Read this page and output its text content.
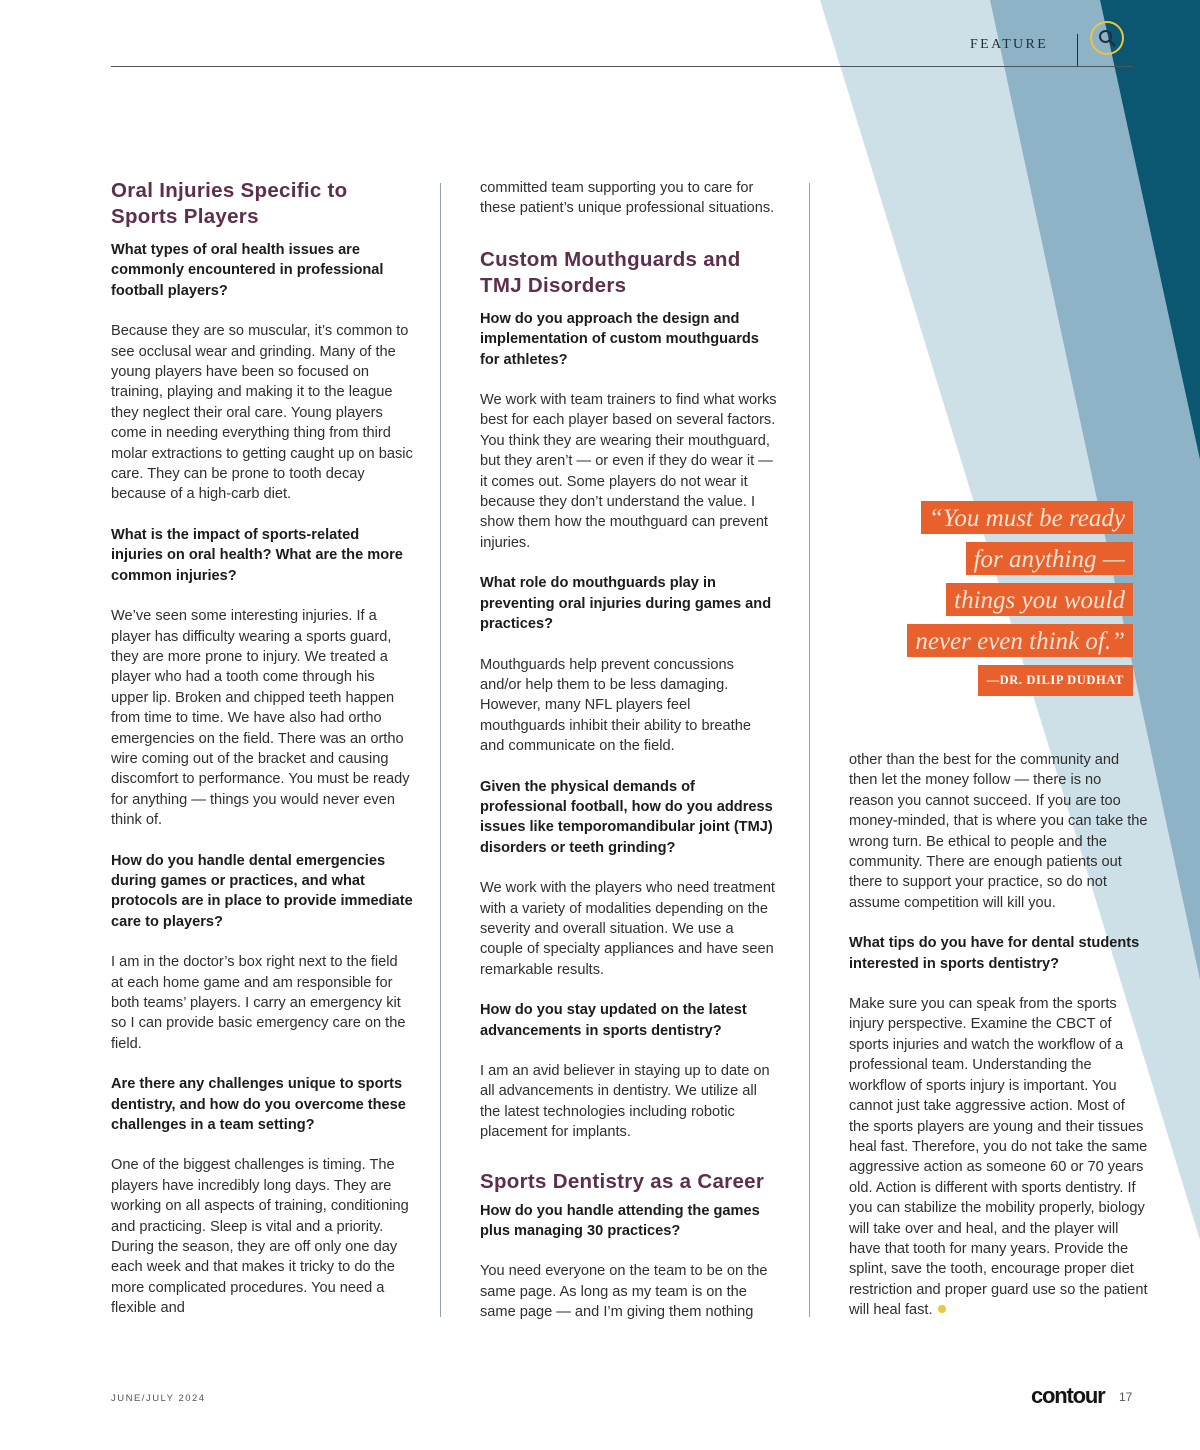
FEATURE
Oral Injuries Specific to Sports Players

What types of oral health issues are commonly encountered in professional football players?

Because they are so muscular, it’s common to see occlusal wear and grinding. Many of the young players have been so focused on training, playing and making it to the league they neglect their oral care. Young players come in needing everything thing from third molar extractions to getting caught up on basic care. They can be prone to tooth decay because of a high-carb diet.

What is the impact of sports-related injuries on oral health? What are the more common injuries?

We’ve seen some interesting injuries. If a player has difficulty wearing a sports guard, they are more prone to injury. We treated a player who had a tooth come through his upper lip. Broken and chipped teeth happen from time to time. We have also had ortho emergencies on the field. There was an ortho wire coming out of the bracket and causing discomfort to performance. You must be ready for anything — things you would never even think of.

How do you handle dental emergencies during games or practices, and what protocols are in place to provide immediate care to players?

I am in the doctor’s box right next to the field at each home game and am responsible for both teams’ players. I carry an emergency kit so I can provide basic emergency care on the field.

Are there any challenges unique to sports dentistry, and how do you overcome these challenges in a team setting?

One of the biggest challenges is timing. The players have incredibly long days. They are working on all aspects of training, conditioning and practicing. Sleep is vital and a priority. During the season, they are off only one day each week and that makes it tricky to do the more complicated procedures. You need a flexible and

committed team supporting you to care for these patient’s unique professional situations.

Custom Mouthguards and TMJ Disorders

How do you approach the design and implementation of custom mouthguards for athletes?

We work with team trainers to find what works best for each player based on several factors. You think they are wearing their mouthguard, but they aren’t — or even if they do wear it — it comes out. Some players do not wear it because they don’t understand the value. I show them how the mouthguard can prevent injuries.

What role do mouthguards play in preventing oral injuries during games and practices?

Mouthguards help prevent concussions and/or help them to be less damaging. However, many NFL players feel mouthguards inhibit their ability to breathe and communicate on the field.

Given the physical demands of professional football, how do you address issues like temporomandibular joint (TMJ) disorders or teeth grinding?

We work with the players who need treatment with a variety of modalities depending on the severity and overall situation. We use a couple of specialty appliances and have seen remarkable results.

How do you stay updated on the latest advancements in sports dentistry?

I am an avid believer in staying up to date on all advancements in dentistry. We utilize all the latest technologies including robotic placement for implants.

Sports Dentistry as a Career

How do you handle attending the games plus managing 30 practices?

You need everyone on the team to be on the same page. As long as my team is on the same page — and I’m giving them nothing

“You must be ready
for anything —
things you would
never even think of.”
—DR. DILIP DUDHAT

other than the best for the community and then let the money follow — there is no reason you cannot succeed. If you are too money-minded, that is where you can take the wrong turn. Be ethical to people and the community. There are enough patients out there to support your practice, so do not assume competition will kill you.

What tips do you have for dental students interested in sports dentistry?

Make sure you can speak from the sports injury perspective. Examine the CBCT of sports injuries and watch the workflow of a professional team. Understanding the workflow of sports injury is important. You cannot just take aggressive action. Most of the sports players are young and their tissues heal fast. Therefore, you do not take the same aggressive action as someone 60 or 70 years old. Action is different with sports dentistry. If you can stabilize the mobility properly, biology will take over and heal, and the player will have that tooth for many years. Provide the splint, save the tooth, encourage proper diet restriction and proper guard use so the patient will heal fast.

JUNE/JULY 2024	contour 17
